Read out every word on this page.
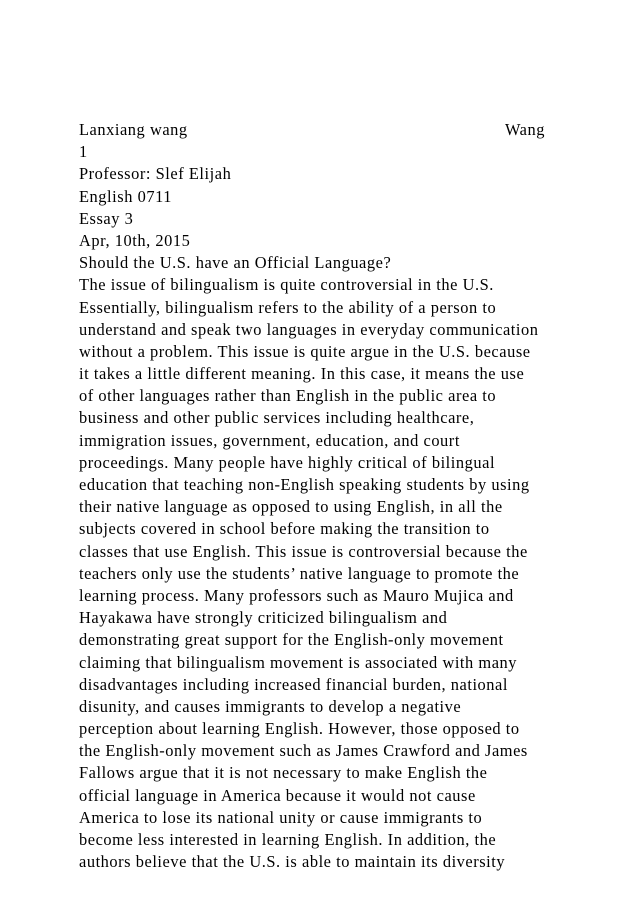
Lanxiang wang	Wang
1
Professor: Slef Elijah
English 0711
Essay 3
Apr, 10th, 2015
Should the U.S. have an Official Language?
The issue of bilingualism is quite controversial in the U.S.
Essentially, bilingualism refers to the ability of a person to
understand and speak two languages in everyday communication
without a problem. This issue is quite argue in the U.S. because
it takes a little different meaning. In this case, it means the use
of other languages rather than English in the public area to
business and other public services including healthcare,
immigration issues, government, education, and court
proceedings. Many people have highly critical of bilingual
education that teaching non-English speaking students by using
their native language as opposed to using English, in all the
subjects covered in school before making the transition to
classes that use English. This issue is controversial because the
teachers only use the students’ native language to promote the
learning process. Many professors such as Mauro Mujica and
Hayakawa have strongly criticized bilingualism and
demonstrating great support for the English-only movement
claiming that bilingualism movement is associated with many
disadvantages including increased financial burden, national
disunity, and causes immigrants to develop a negative
perception about learning English. However, those opposed to
the English-only movement such as James Crawford and James
Fallows argue that it is not necessary to make English the
official language in America because it would not cause
America to lose its national unity or cause immigrants to
become less interested in learning English. In addition, the
authors believe that the U.S. is able to maintain its diversity
